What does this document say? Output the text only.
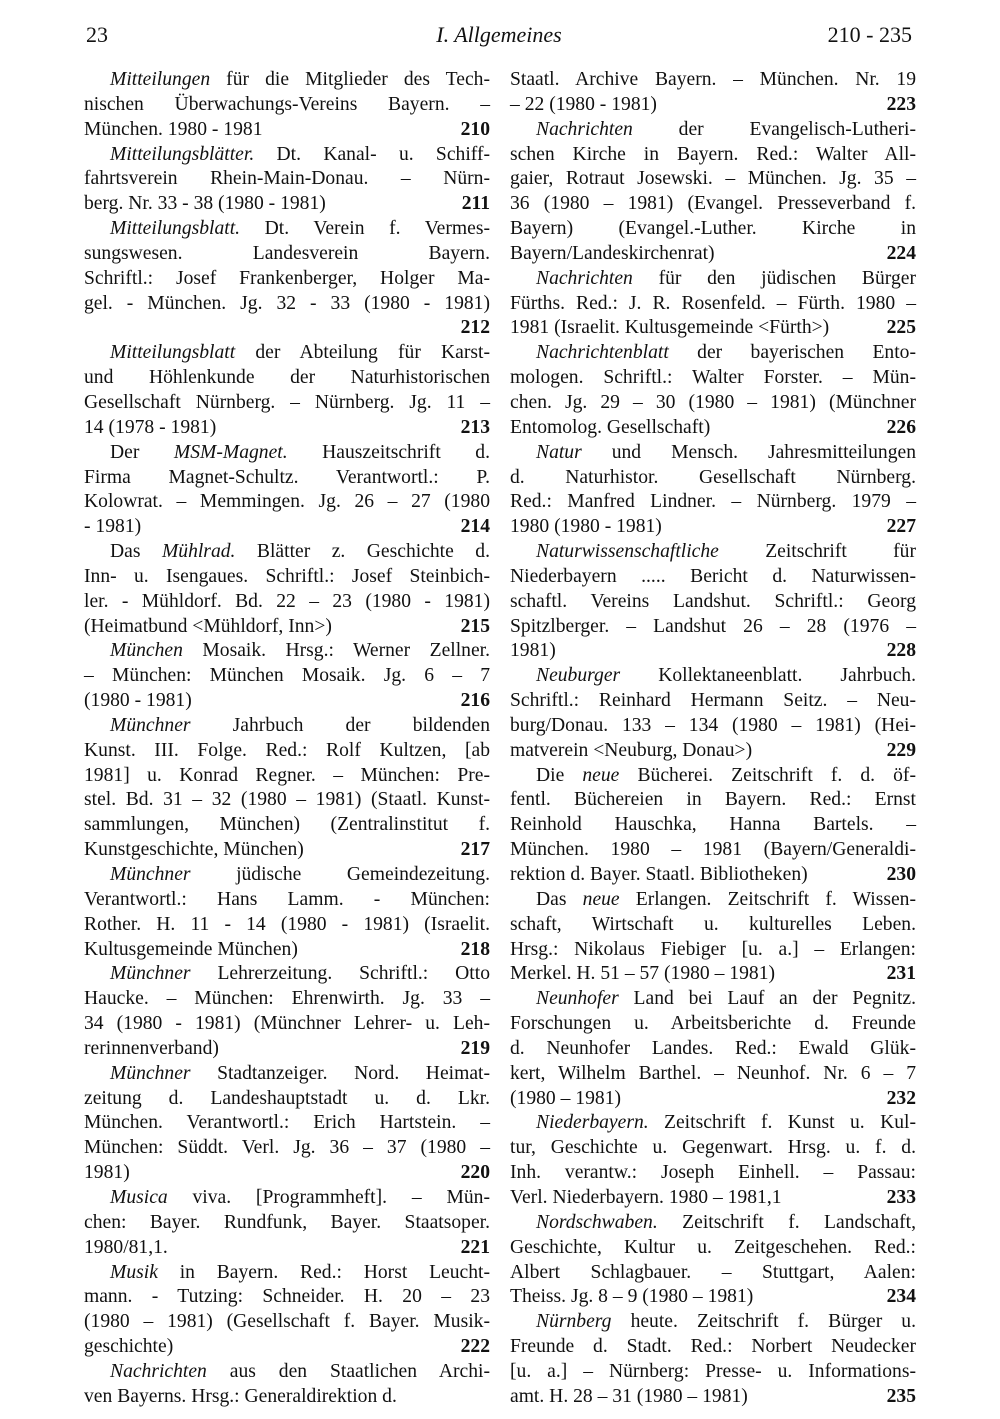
23	I. Allgemeines	210 - 235
Mitteilungen für die Mitglieder des Tech-
nischen Überwachungs-Vereins Bayern. –
210
München. 1980 - 1981
Mitteilungsblätter. Dt. Kanal- u. Schiff-
fahrtsverein Rhein-Main-Donau. – Nürn-
211
berg. Nr. 33 - 38 (1980 - 1981)
Mitteilungsblatt. Dt. Verein f. Vermes-
sungswesen. Landesverein Bayern.
Schriftl.: Josef Frankenberger, Holger Ma-
gel. - München. Jg. 32 - 33 (1980 - 1981)
212
Mitteilungsblatt der Abteilung für Karst-
und Höhlenkunde der Naturhistorischen
Gesellschaft Nürnberg. – Nürnberg. Jg. 11 –
213
14 (1978 - 1981)
Der MSM-Magnet. Hauszeitschrift d.
Firma Magnet-Schultz. Verantwortl.: P.
Kolowrat. – Memmingen. Jg. 26 – 27 (1980
214
- 1981)
Das Mühlrad. Blätter z. Geschichte d.
Inn- u. Isengaues. Schriftl.: Josef Steinbich-
ler. - Mühldorf. Bd. 22 – 23 (1980 - 1981)
215
(Heimatbund <Mühldorf, Inn>)
München Mosaik. Hrsg.: Werner Zellner.
– München: München Mosaik. Jg. 6 – 7
216
(1980 - 1981)
Münchner Jahrbuch der bildenden
Kunst. III. Folge. Red.: Rolf Kultzen, [ab
1981] u. Konrad Regner. – München: Pre-
stel. Bd. 31 – 32 (1980 – 1981) (Staatl. Kunst-
sammlungen, München) (Zentralinstitut f.
217
Kunstgeschichte, München)
Münchner jüdische Gemeindezeitung.
Verantwortl.: Hans Lamm. - München:
Rother. H. 11 - 14 (1980 - 1981) (Israelit.
218
Kultusgemeinde München)
Münchner Lehrerzeitung. Schriftl.: Otto
Haucke. – München: Ehrenwirth. Jg. 33 –
34 (1980 - 1981) (Münchner Lehrer- u. Leh-
219
rerinnenverband)
Münchner Stadtanzeiger. Nord. Heimat-
zeitung d. Landeshauptstadt u. d. Lkr.
München. Verantwortl.: Erich Hartstein. –
München: Süddt. Verl. Jg. 36 – 37 (1980 –
220
1981)
Musica viva. [Programmheft]. – Mün-
chen: Bayer. Rundfunk, Bayer. Staatsoper.
221
1980/81,1.
Musik in Bayern. Red.: Horst Leucht-
mann. - Tutzing: Schneider. H. 20 – 23
(1980 – 1981) (Gesellschaft f. Bayer. Musik-
222
geschichte)
Nachrichten aus den Staatlichen Archi-
ven Bayerns. Hrsg.: Generaldirektion d.
Staatl. Archive Bayern. – München. Nr. 19
223
– 22 (1980 - 1981)
Nachrichten der Evangelisch-Lutheri-
schen Kirche in Bayern. Red.: Walter All-
gaier, Rotraut Josewski. – München. Jg. 35 –
36 (1980 – 1981) (Evangel. Presseverband f.
Bayern) (Evangel.-Luther. Kirche in
224
Bayern/Landeskirchenrat)
Nachrichten für den jüdischen Bürger
Fürths. Red.: J. R. Rosenfeld. – Fürth. 1980 –
225
1981 (Israelit. Kultusgemeinde <Fürth>)
Nachrichtenblatt der bayerischen Ento-
mologen. Schriftl.: Walter Forster. – Mün-
chen. Jg. 29 – 30 (1980 – 1981) (Münchner
226
Entomolog. Gesellschaft)
Natur und Mensch. Jahresmitteilungen
d. Naturhistor. Gesellschaft Nürnberg.
Red.: Manfred Lindner. – Nürnberg. 1979 –
227
1980 (1980 - 1981)
Naturwissenschaftliche Zeitschrift für
Niederbayern ..... Bericht d. Naturwissen-
schaftl. Vereins Landshut. Schriftl.: Georg
Spitzlberger. – Landshut 26 – 28 (1976 –
228
1981)
Neuburger Kollektaneenblatt. Jahrbuch.
Schriftl.: Reinhard Hermann Seitz. – Neu-
burg/Donau. 133 – 134 (1980 – 1981) (Hei-
229
matverein <Neuburg, Donau>)
Die neue Bücherei. Zeitschrift f. d. öf-
fentl. Büchereien in Bayern. Red.: Ernst
Reinhold Hauschka, Hanna Bartels. –
München. 1980 – 1981 (Bayern/Generaldi-
230
rektion d. Bayer. Staatl. Bibliotheken)
Das neue Erlangen. Zeitschrift f. Wissen-
schaft, Wirtschaft u. kulturelles Leben.
Hrsg.: Nikolaus Fiebiger [u. a.] – Erlangen:
231
Merkel. H. 51 – 57 (1980 – 1981)
Neunhofer Land bei Lauf an der Pegnitz.
Forschungen u. Arbeitsberichte d. Freunde
d. Neunhofer Landes. Red.: Ewald Glük-
kert, Wilhelm Barthel. – Neunhof. Nr. 6 – 7
232
(1980 – 1981)
Niederbayern. Zeitschrift f. Kunst u. Kul-
tur, Geschichte u. Gegenwart. Hrsg. u. f. d.
Inh. verantw.: Joseph Einhell. – Passau:
233
Verl. Niederbayern. 1980 – 1981,1
Nordschwaben. Zeitschrift f. Landschaft,
Geschichte, Kultur u. Zeitgeschehen. Red.:
Albert Schlagbauer. – Stuttgart, Aalen:
234
Theiss. Jg. 8 – 9 (1980 – 1981)
Nürnberg heute. Zeitschrift f. Bürger u.
Freunde d. Stadt. Red.: Norbert Neudecker
[u. a.] – Nürnberg: Presse- u. Informations-
235
amt. H. 28 – 31 (1980 – 1981)
